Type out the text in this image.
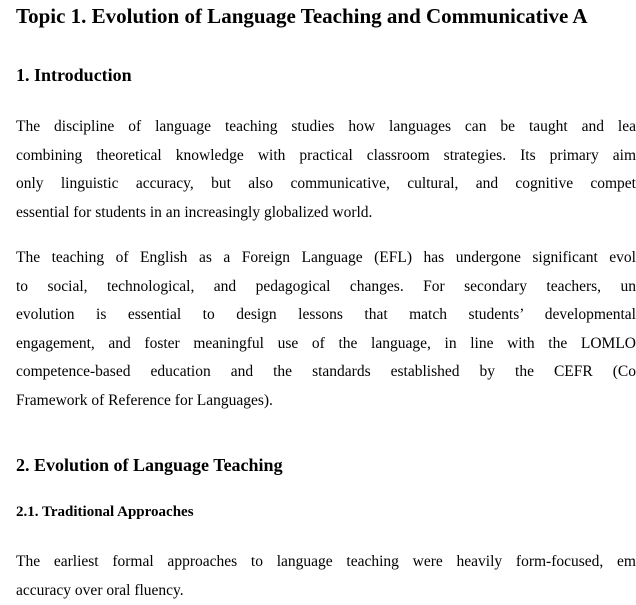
Topic 1. Evolution of Language Teaching and Communicative A
1. Introduction
The discipline of language teaching studies how languages can be taught and lea
combining theoretical knowledge with practical classroom strategies. Its primary aim
only linguistic accuracy, but also communicative, cultural, and cognitive compet
essential for students in an increasingly globalized world.
The teaching of English as a Foreign Language (EFL) has undergone significant evol
to social, technological, and pedagogical changes. For secondary teachers, un
evolution is essential to design lessons that match students’ developmental
engagement, and foster meaningful use of the language, in line with the LOMLO
competence-based education and the standards established by the CEFR (Co
Framework of Reference for Languages).
2. Evolution of Language Teaching
2.1. Traditional Approaches
The earliest formal approaches to language teaching were heavily form-focused, em
accuracy over oral fluency.
